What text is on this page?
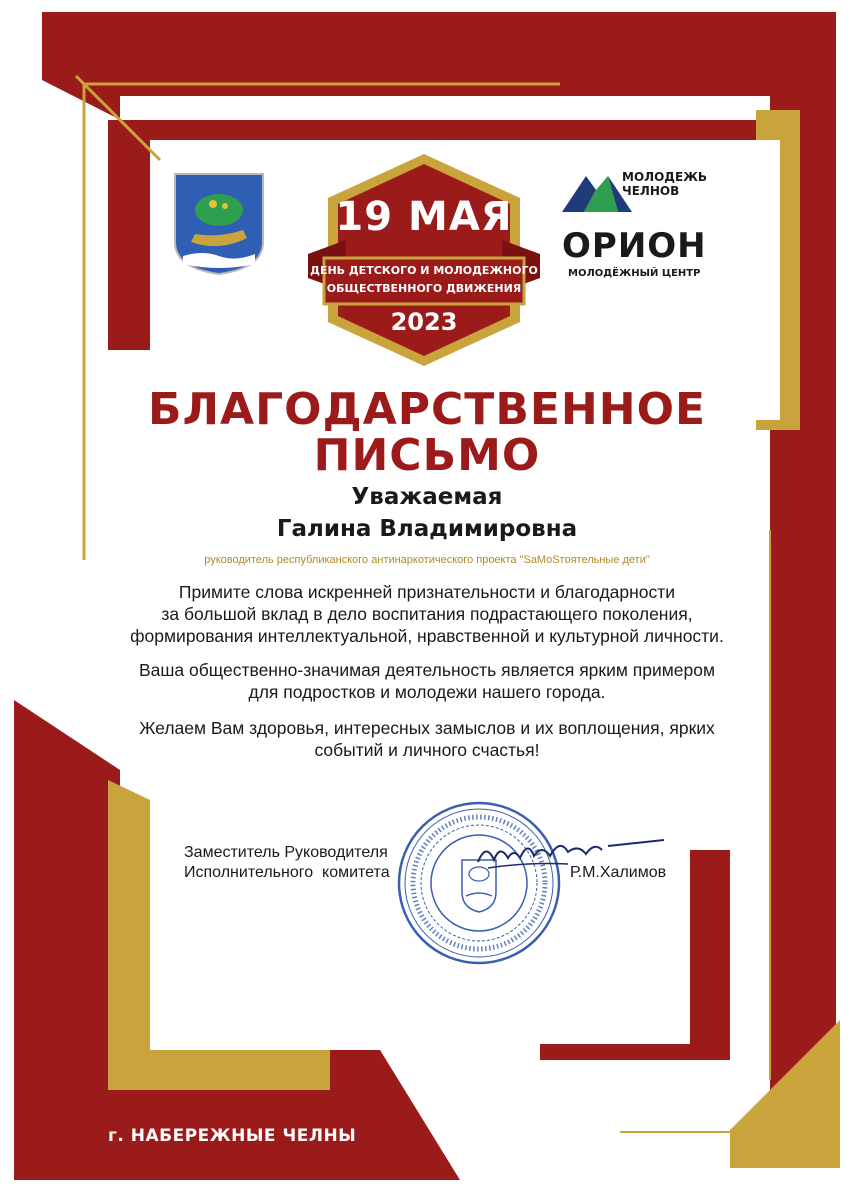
19 МАЯ
ДЕНЬ ДЕТСКОГО И МОЛОДЕЖНОГО
ОБЩЕСТВЕННОГО ДВИЖЕНИЯ
2023
МОЛОДЕЖЬ
ЧЕЛНОВ
ОРИОН
МОЛОДЁЖНЫЙ ЦЕНТР
БЛАГОДАРСТВЕННОЕ
ПИСЬМО
Уважаемая
Галина Владимировна
руководитель республиканского антинаркотического проекта "SaMoSтоятельные дети"
Примите слова искренней признательности и благодарности
за большой вклад в дело воспитания подрастающего поколения,
формирования интеллектуальной, нравственной и культурной личности.
Ваша общественно-значимая деятельность является ярким примером
для подростков и молодежи нашего города.
Желаем Вам здоровья, интересных замыслов и их воплощения, ярких
событий и личного счастья!
Заместитель Руководителя
Исполнительного  комитета	Р.М.Халимов
г. НАБЕРЕЖНЫЕ ЧЕЛНЫ
